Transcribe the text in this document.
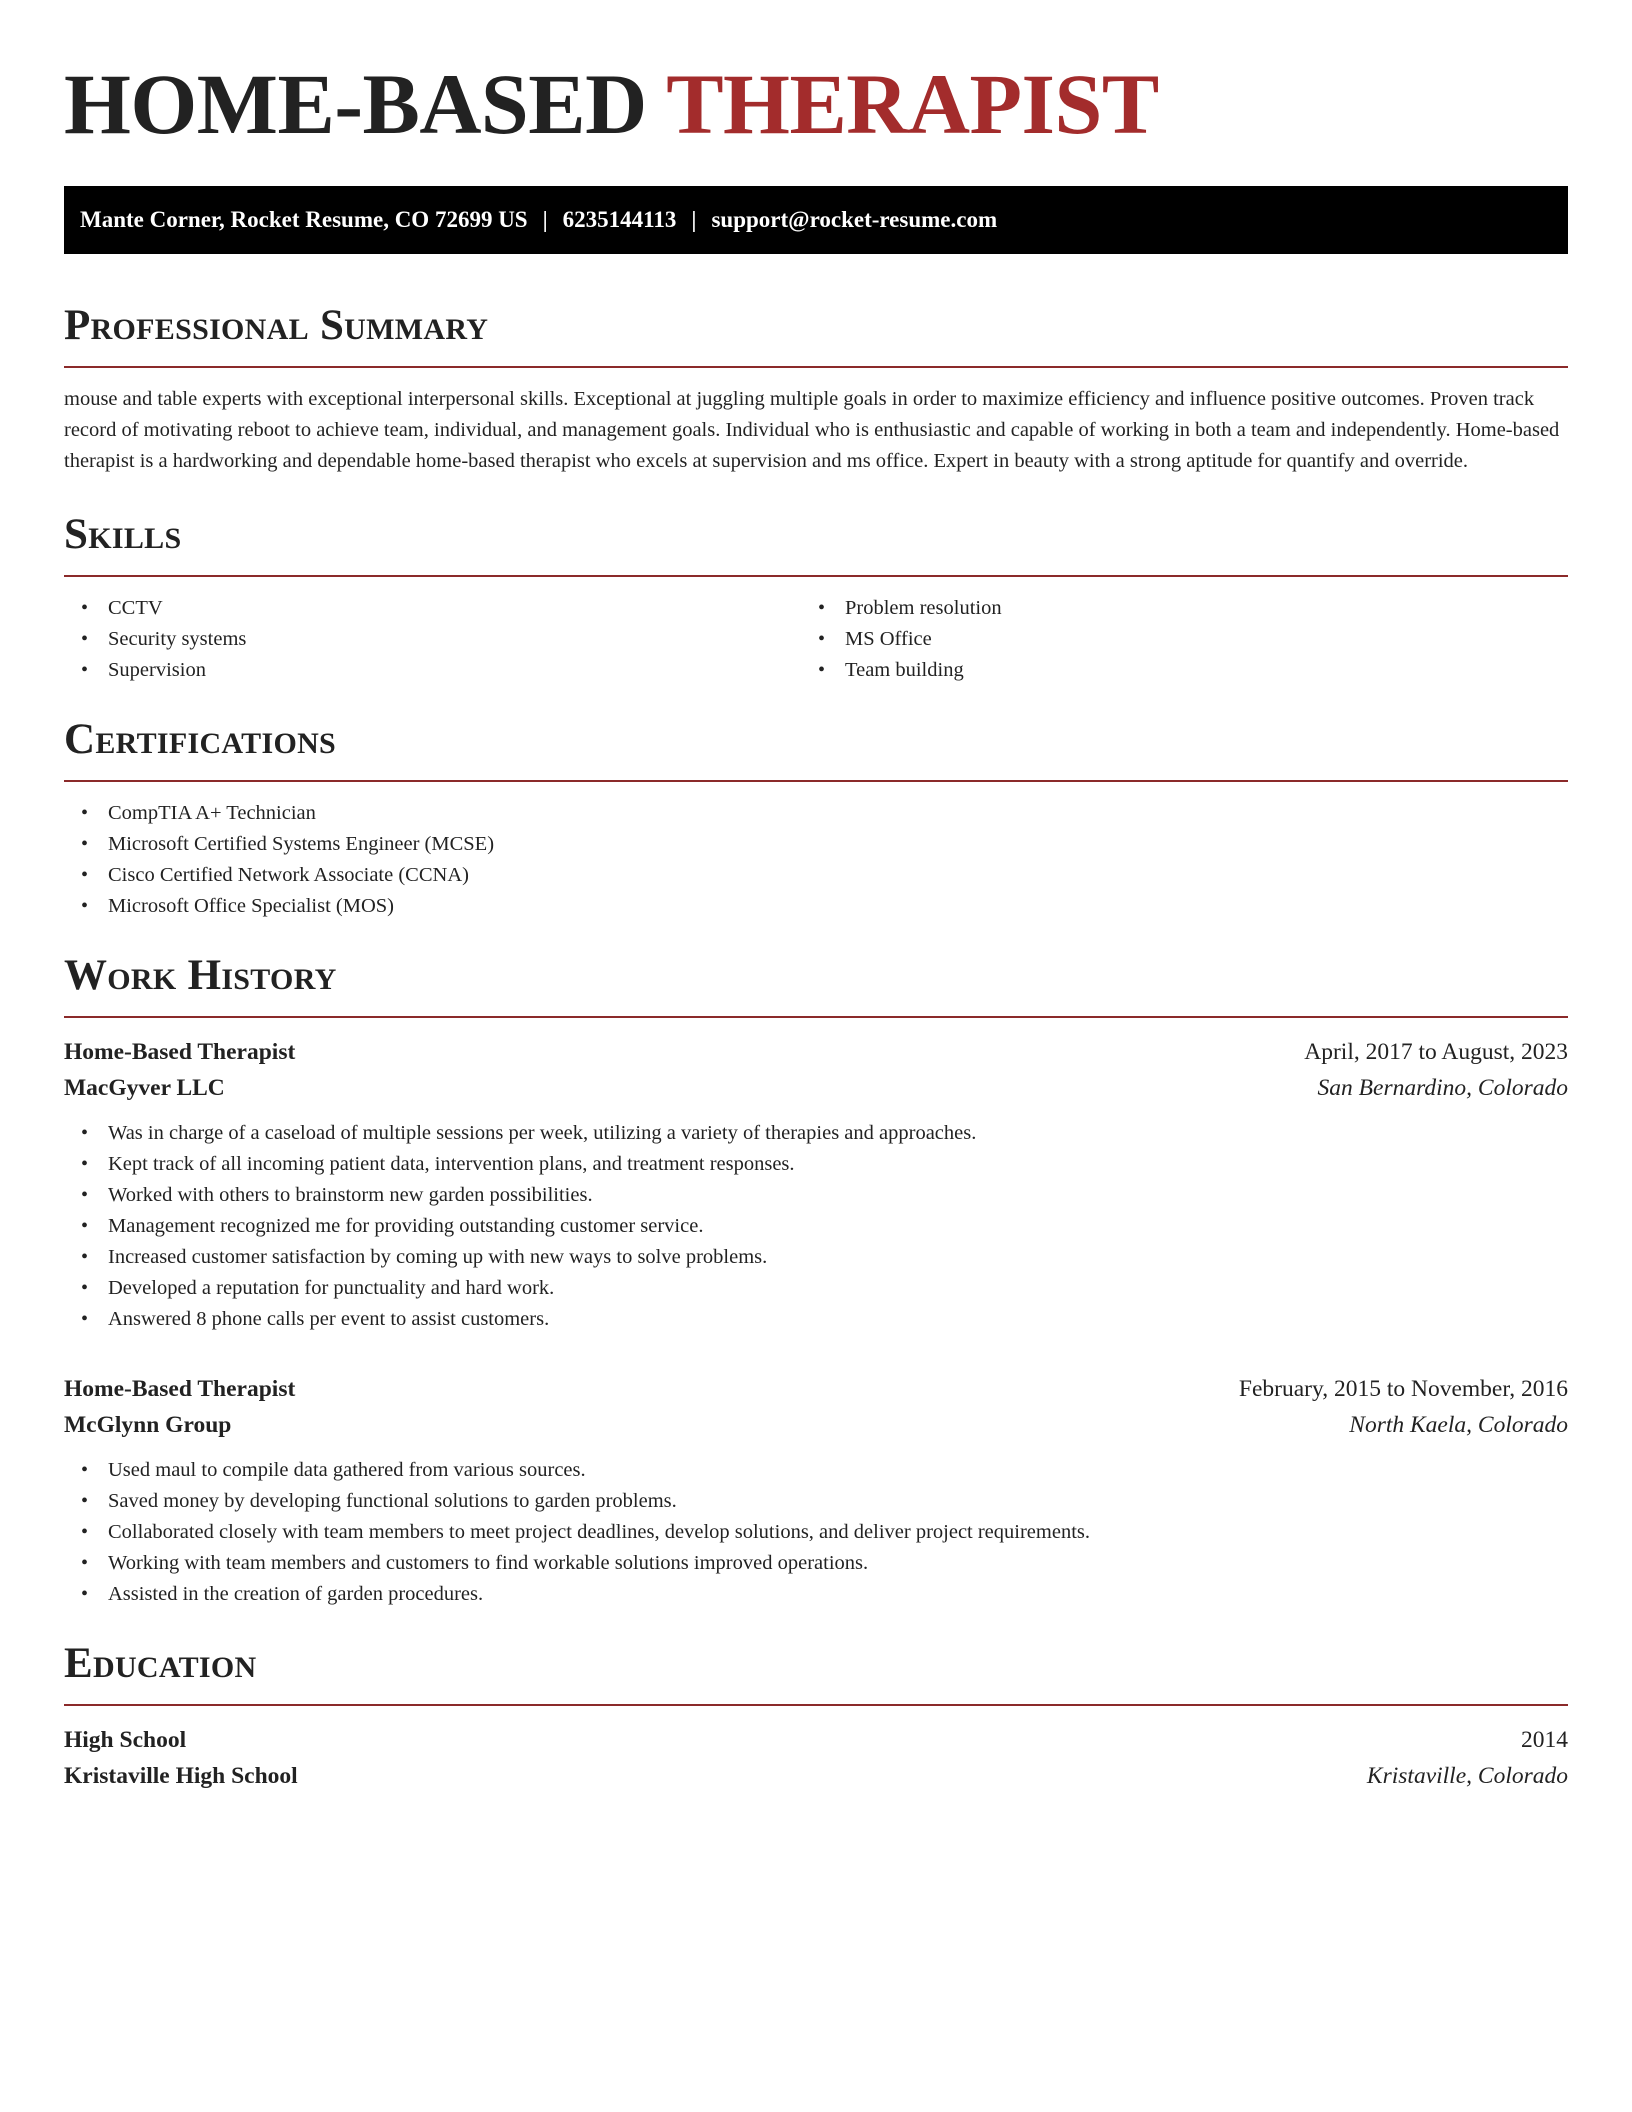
HOME-BASED THERAPIST
Mante Corner, Rocket Resume, CO 72699 US | 6235144113 | support@rocket-resume.com
Professional Summary

mouse and table experts with exceptional interpersonal skills. Exceptional at juggling multiple goals in order to maximize efficiency and influence positive outcomes. Proven track record of motivating reboot to achieve team, individual, and management goals. Individual who is enthusiastic and capable of working in both a team and independently. Home-based therapist is a hardworking and dependable home-based therapist who excels at supervision and ms office. Expert in beauty with a strong aptitude for quantify and override.

Skills
• CCTV
• Security systems
• Supervision
• Problem resolution
• MS Office
• Team building
Certifications
• CompTIA A+ Technician
• Microsoft Certified Systems Engineer (MCSE)
• Cisco Certified Network Associate (CCNA)
• Microsoft Office Specialist (MOS)
Work History
Home-Based Therapist	April, 2017 to August, 2023
MacGyver LLC	San Bernardino, Colorado
• Was in charge of a caseload of multiple sessions per week, utilizing a variety of therapies and approaches.
• Kept track of all incoming patient data, intervention plans, and treatment responses.
• Worked with others to brainstorm new garden possibilities.
• Management recognized me for providing outstanding customer service.
• Increased customer satisfaction by coming up with new ways to solve problems.
• Developed a reputation for punctuality and hard work.
• Answered 8 phone calls per event to assist customers.
Home-Based Therapist	February, 2015 to November, 2016
McGlynn Group	North Kaela, Colorado
• Used maul to compile data gathered from various sources.
• Saved money by developing functional solutions to garden problems.
• Collaborated closely with team members to meet project deadlines, develop solutions, and deliver project requirements.
• Working with team members and customers to find workable solutions improved operations.
• Assisted in the creation of garden procedures.
Education
High School	2014
Kristaville High School	Kristaville, Colorado
